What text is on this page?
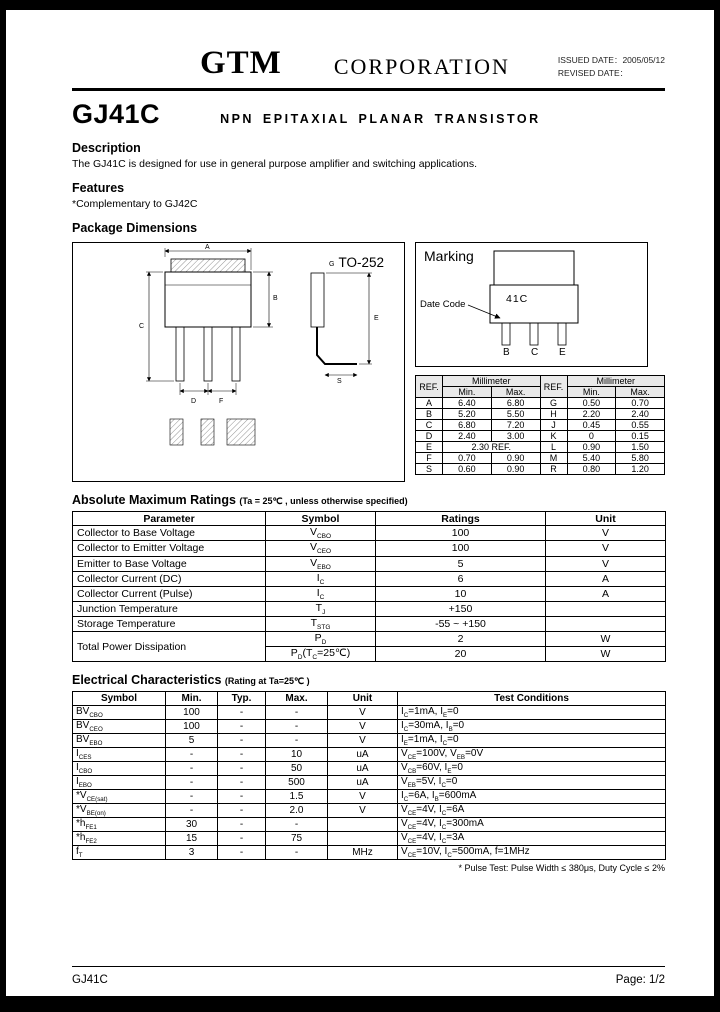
GTM CORPORATION	ISSUED DATE：2005/05/12
REVISED DATE：
GJ41C	NPN EPITAXIAL PLANAR TRANSISTOR
Description
The GJ41C is designed for use in general purpose amplifier and switching applications.
Features
*Complementary to GJ42C
Package Dimensions
TO-252
A
B
C
D	F
G
E
S
Marking
Date Code	41C
B C E
REF.	Millimeter		REF.	Millimeter	
	Min.	Max.		Min.	Max.
A	6.40	6.80	G	0.50	0.70
B	5.20	5.50	H	2.20	2.40
C	6.80	7.20	J	0.45	0.55
D	2.40	3.00	K	0	0.15
E	2.30 REF.		L	0.90	1.50
F	0.70	0.90	M	5.40	5.80
S	0.60	0.90	R	0.80	1.20
Absolute Maximum Ratings (Ta = 25℃ , unless otherwise specified)
Parameter	Symbol	Ratings	Unit
Collector to Base Voltage	$V_{CBO}$	100	V
Collector to Emitter Voltage	$V_{CEO}$	100	V
Emitter to Base Voltage	$V_{EBO}$	5	V
Collector Current (DC)	$I_C$	6	A
Collector Current (Pulse)	$I_C$	10	A
Junction Temperature	$T_J$	+150	
Storage Temperature	$T_{STG}$	-55 ~ +150	
Total Power Dissipation	$P_D$	2	W
	$P_D(T_C=25℃)$	20	W
Electrical Characteristics (Rating at Ta=25℃ )
Symbol	Min.	Typ.	Max.	Unit	Test Conditions
$BV_{CBO}$	100	-	-	V	$I_C=1mA$, $I_E=0$
$BV_{CEO}$	100	-	-	V	$I_C=30mA$, $I_B=0$
$BV_{EBO}$	5	-	-	V	$I_E=1mA$, $I_C=0$
$I_{CES}$	-	-	10	uA	$V_{CE}=100V$, $V_{EB}=0V$
$I_{CBO}$	-	-	50	uA	$V_{CB}=60V$, $I_E=0$
$I_{EBO}$	-	-	500	uA	$V_{EB}=5V$, $I_C=0$
$*V_{CE(sat)}$	-	-	1.5	V	$I_C=6A$, $I_B=600mA$
$*V_{BE(on)}$	-	-	2.0	V	$V_{CE}=4V$, $I_C=6A$
$*h_{FE1}$	30	-	-		$V_{CE}=4V$, $I_C=300mA$
$*h_{FE2}$	15	-	75		$V_{CE}=4V$, $I_C=3A$
$f_T$	3	-	-	MHz	$V_{CE}=10V$, $I_C=500mA$, f=1MHz
* Pulse Test: Pulse Width ≤ 380μs, Duty Cycle ≤ 2%
GJ41C	Page: 1/2
